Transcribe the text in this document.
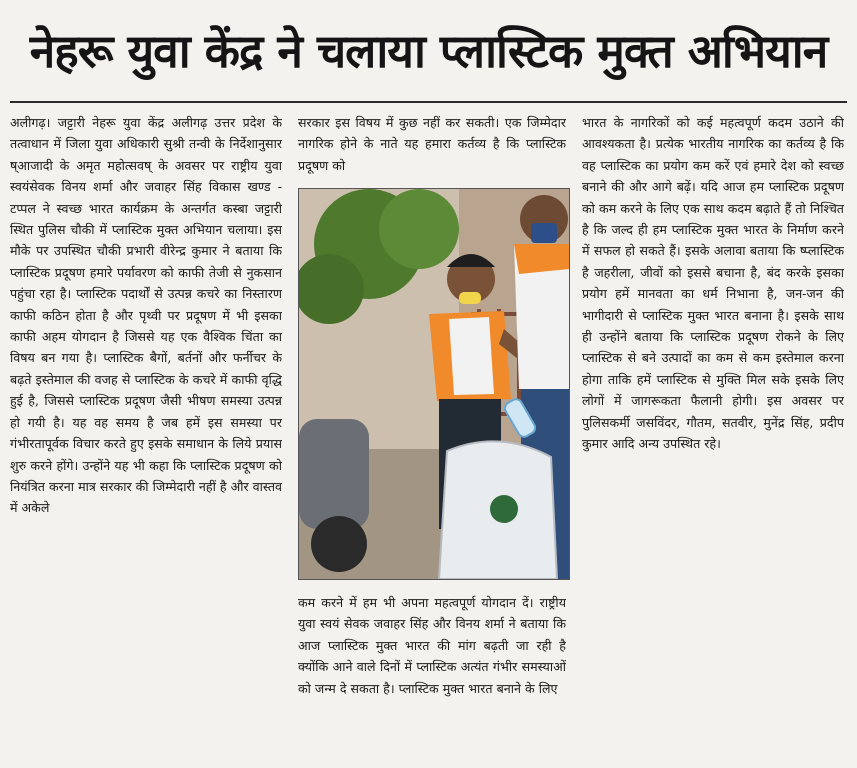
नेहरू युवा केंद्र ने चलाया प्लास्टिक मुक्त अभियान

अलीगढ़। जट्टारी नेहरू युवा केंद्र अलीगढ़ उत्तर प्रदेश के तत्वाधान में जिला युवा अधिकारी सुश्री तन्वी के निर्देशानुसार ष्आजादी के अमृत महोत्सवष् के अवसर पर राष्ट्रीय युवा स्वयंसेवक विनय शर्मा और जवाहर सिंह विकास खण्ड - टप्पल ने स्वच्छ भारत कार्यक्रम के अन्तर्गत कस्बा जट्टारी स्थित पुलिस चौकी में प्लास्टिक मुक्त अभियान चलाया। इस मौके पर उपस्थित चौकी प्रभारी वीरेन्द्र कुमार ने बताया कि प्लास्टिक प्रदूषण हमारे पर्यावरण को काफी तेजी से नुकसान पहुंचा रहा है। प्लास्टिक पदार्थों से उत्पन्न कचरे का निस्तारण काफी कठिन होता है और पृथ्वी पर प्रदूषण में भी इसका काफी अहम योगदान है जिससे यह एक वैश्विक चिंता का विषय बन गया है। प्लास्टिक बैगों, बर्तनों और फर्नीचर के बढ़ते इस्तेमाल की वजह से प्लास्टिक के कचरे में काफी वृद्धि हुई है, जिससे प्लास्टिक प्रदूषण जैसी भीषण समस्या उत्पन्न हो गयी है। यह वह समय है जब हमें इस समस्या पर गंभीरतापूर्वक विचार करते हुए इसके समाधान के लिये प्रयास शुरु करने होंगे। उन्होंने यह भी कहा कि प्लास्टिक प्रदूषण को नियंत्रित करना मात्र सरकार की जिम्मेदारी नहीं है और वास्तव में अकेले

सरकार इस विषय में कुछ नहीं कर सकती। एक जिम्मेदार नागरिक होने के नाते यह हमारा कर्तव्य है कि प्लास्टिक प्रदूषण को

कम करने में हम भी अपना महत्वपूर्ण योगदान दें। राष्ट्रीय युवा स्वयं सेवक जवाहर सिंह और विनय शर्मा ने बताया कि आज प्लास्टिक मुक्त भारत की मांग बढ़ती जा रही है क्योंकि आने वाले दिनों में प्लास्टिक अत्यंत गंभीर समस्याओं को जन्म दे सकता है। प्लास्टिक मुक्त भारत बनाने के लिए

भारत के नागरिकों को कई महत्वपूर्ण कदम उठाने की आवश्यकता है। प्रत्येक भारतीय नागरिक का कर्तव्य है कि वह प्लास्टिक का प्रयोग कम करें एवं हमारे देश को स्वच्छ बनाने की और आगे बढ़ें। यदि आज हम प्लास्टिक प्रदूषण को कम करने के लिए एक साथ कदम बढ़ाते हैं तो निश्चित है कि जल्द ही हम प्लास्टिक मुक्त भारत के निर्माण करने में सफल हो सकते हैं। इसके अलावा बताया कि ष्प्लास्टिक है जहरीला, जीवों को इससे बचाना है, बंद करके इसका प्रयोग हमें मानवता का धर्म निभाना है, जन-जन की भागीदारी से प्लास्टिक मुक्त भारत बनाना है। इसके साथ ही उन्होंने बताया कि प्लास्टिक प्रदूषण रोकने के लिए प्लास्टिक से बने उत्पादों का कम से कम इस्तेमाल करना होगा ताकि हमें प्लास्टिक से मुक्ति मिल सके इसके लिए लोगों में जागरूकता फैलानी होगी। इस अवसर पर पुलिसकर्मी जसविंदर, गौतम, सतवीर, मुनेंद्र सिंह, प्रदीप कुमार आदि अन्य उपस्थित रहे।
